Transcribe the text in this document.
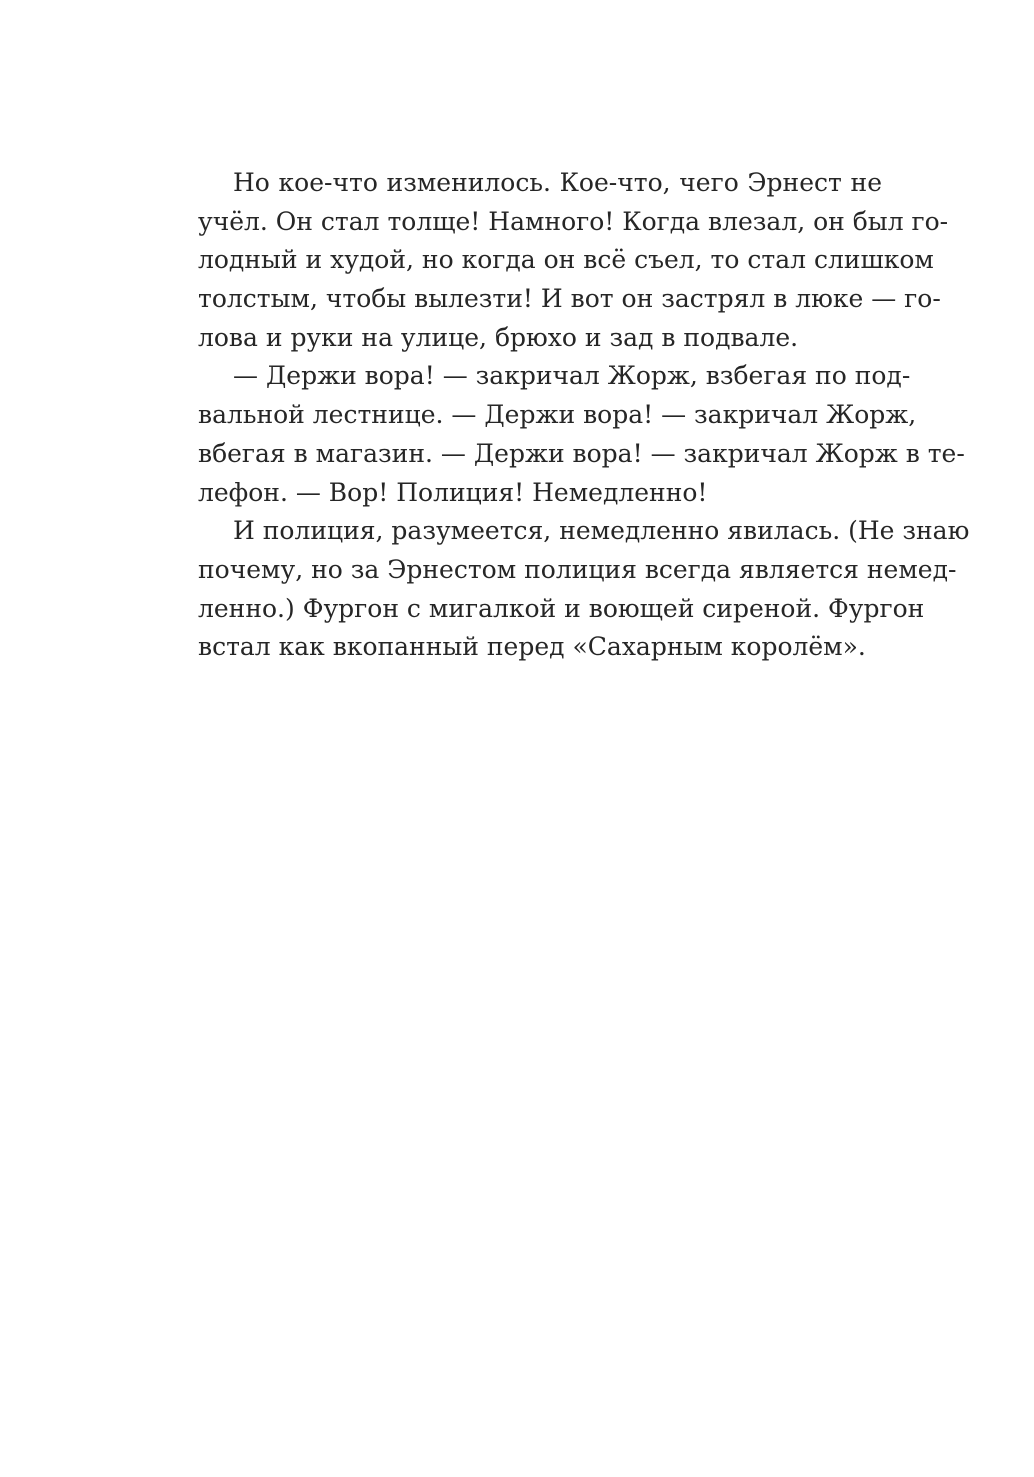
Но кое-что изменилось. Кое-что, чего Эрнест не
учёл. Он стал толще! Намного! Когда влезал, он был го-
лодный и худой, но когда он всё съел, то стал слишком
толстым, чтобы вылезти! И вот он застрял в люке — го-
лова и руки на улице, брюхо и зад в подвале.

— Держи вора! — закричал Жорж, взбегая по под-
вальной лестнице. — Держи вора! — закричал Жорж,
вбегая в магазин. — Держи вора! — закричал Жорж в те-
лефон. — Вор! Полиция! Немедленно!

И полиция, разумеется, немедленно явилась. (Не знаю
почему, но за Эрнестом полиция всегда является немед-
ленно.) Фургон с мигалкой и воющей сиреной. Фургон
встал как вкопанный перед «Сахарным королём».
